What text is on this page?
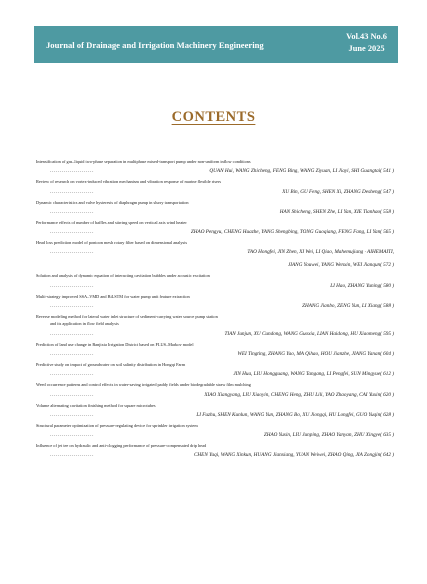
Journal of Drainage and Irrigation Machinery Engineering
Vol.43 No.6
June 2025
CONTENTS
Intensification of gas–liquid two-phase separation in multiphase mixed-transport pump under non-uniform inflow conditions
······················	QUAN Hui, WANG Zhicheng, FENG Bing, WANG Ziyuan, LI Jiayi, SHI Guangtai( 541 )
Review of research on vortex-induced vibration mechanism and vibration response of marine flexible risers
······················	XU Bin, GU Feng, SHEN Xi, ZHANG Desheng( 547 )
Dynamic characteristics and valve hysteresis of diaphragm pump in slurry transportation
······················	HAN Shicheng, SHEN Zhe, LI Yan, XIE Tianhao( 558 )
Performance effects of number of baffles and stirring speed on vertical axis wind heater
······················	ZHAO Pengyu, CHENG Huazhe, YANG Shengbing, TONG Guoqiang, FENG Fang, LI Yan( 565 )
Head loss prediction model of pontoon mesh rotary filter based on dimensional analysis
······················	TAO Hongfei, JIN Zhen, XI Wei, LI Qiao, Mahemujiang · AIHEMAITI,
JIANG Youwei, YANG Wenxin, WEI Jianqun( 572 )
Solution and analysis of dynamic equation of interacting cavitation bubbles under acoustic excitation
······················	LI Hao, ZHANG Yuning( 580 )
Multi-strategy improved SSA–VMD and BiLSTM for water pump unit feature extraction
······················	ZHANG Jianbo, ZENG Yun, LI Xiang( 588 )
Reverse modeling method for lateral water inlet structure of sediment-carrying water source pump station
and its application in flow field analysis
······················	TIAN Junjun, XU Cundong, WANG Guoxia, LIAN Haidong, HU Xiaomeng( 595 )
Prediction of land use change in Banjixia Irrigation District based on FLUS–Markov model
······················	WEI Tingting, ZHANG Yao, MA Qihao, HOU Jianzhe, JIANG Yanan( 604 )
Predictive study on impact of groundwater on soil salinity distribution in Hongqi Farm
······················	JIN Hua, LIU Hongguang, WANG Tangang, LI Pengfei, SUN Mingyue( 612 )
Weed occurrence patterns and control effects in water-saving irrigated paddy fields under biodegradable straw film mulching
······················	XIAO Xiangyang, LIU Xiaoyin, CHENG Heng, ZHU Lili, YAO Zhaoyang, CAI Yuxin( 620 )
Volume alternating cavitation finishing method for square microtubes
······················	LI Fuzhu, SHEN Kunlun, WANG Yun, ZHANG Bo, XU Jiongqi, HU Longfei, GUO Yuqin( 628 )
Structural parameter optimization of pressure-regulating device for sprinkler irrigation system
······················	ZHAO Yuxin, LIU Junping, ZHAO Yanyan, ZHU Xingye( 635 )
Influence of jet tee on hydraulic and anti-clogging performance of pressure-compensated drip head
······················	CHEN Yaqi, WANG Xinkun, HUANG Jianxiang, YUAN Weiwei, ZHAO Qing, JIA Zongjin( 642 )
